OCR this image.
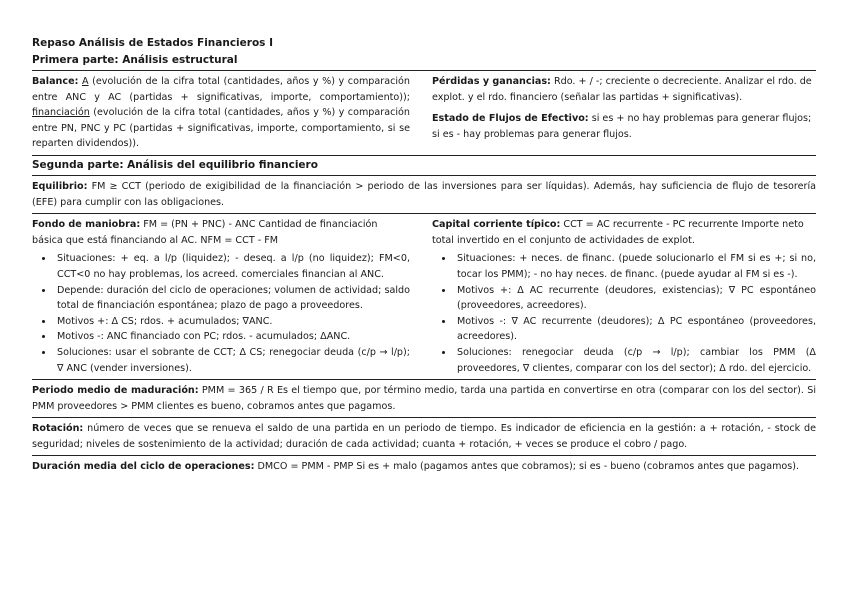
Repaso Análisis de Estados Financieros I
Primera parte: Análisis estructural

Balance: A (evolución de la cifra total (cantidades, años y %) y comparación entre ANC y AC (partidas + significativas, importe, comportamiento)); financiación (evolución de la cifra total (cantidades, años y %) y comparación entre PN, PNC y PC (partidas + significativas, importe, comportamiento, si se reparten dividendos)).

Pérdidas y ganancias: Rdo. + / -; creciente o decreciente. Analizar el rdo. de explot. y el rdo. financiero (señalar las partidas + significativas).

Estado de Flujos de Efectivo: si es + no hay problemas para generar flujos; si es - hay problemas para generar flujos.

Segunda parte: Análisis del equilibrio financiero

Equilibrio: FM ≥ CCT (periodo de exigibilidad de la financiación > periodo de las inversiones para ser líquidas). Además, hay suficiencia de flujo de tesorería (EFE) para cumplir con las obligaciones.

Fondo de maniobra: FM = (PN + PNC) - ANC Cantidad de financiación básica que está financiando al AC. NFM = CCT - FM

• Situaciones: + eq. a l/p (liquidez); - deseq. a l/p (no liquidez); FM<0, CCT<0 no hay problemas, los acreed. comerciales financian al ANC.
• Depende: duración del ciclo de operaciones; volumen de actividad; saldo total de financiación espontánea; plazo de pago a proveedores.
• Motivos +: Δ CS; rdos. + acumulados; ∇ANC.
• Motivos -: ANC financiado con PC; rdos. - acumulados; ΔANC.
• Soluciones: usar el sobrante de CCT; Δ CS; renegociar deuda (c/p → l/p); ∇ ANC (vender inversiones).

Capital corriente típico: CCT = AC recurrente - PC recurrente Importe neto total invertido en el conjunto de actividades de explot.

• Situaciones: + neces. de financ. (puede solucionarlo el FM si es +; si no, tocar los PMM); - no hay neces. de financ. (puede ayudar al FM si es -).
• Motivos +: Δ AC recurrente (deudores, existencias); ∇ PC espontáneo (proveedores, acreedores).
• Motivos -: ∇ AC recurrente (deudores); Δ PC espontáneo (proveedores, acreedores).
• Soluciones: renegociar deuda (c/p → l/p); cambiar los PMM (Δ proveedores, ∇ clientes, comparar con los del sector); Δ rdo. del ejercicio.

Periodo medio de maduración: PMM = 365 / R Es el tiempo que, por término medio, tarda una partida en convertirse en otra (comparar con los del sector). Si PMM proveedores > PMM clientes es bueno, cobramos antes que pagamos.

Rotación: número de veces que se renueva el saldo de una partida en un periodo de tiempo. Es indicador de eficiencia en la gestión: a + rotación, - stock de seguridad; niveles de sostenimiento de la actividad; duración de cada actividad; cuanta + rotación, + veces se produce el cobro / pago.

Duración media del ciclo de operaciones: DMCO = PMM - PMP Si es + malo (pagamos antes que cobramos); si es - bueno (cobramos antes que pagamos).
